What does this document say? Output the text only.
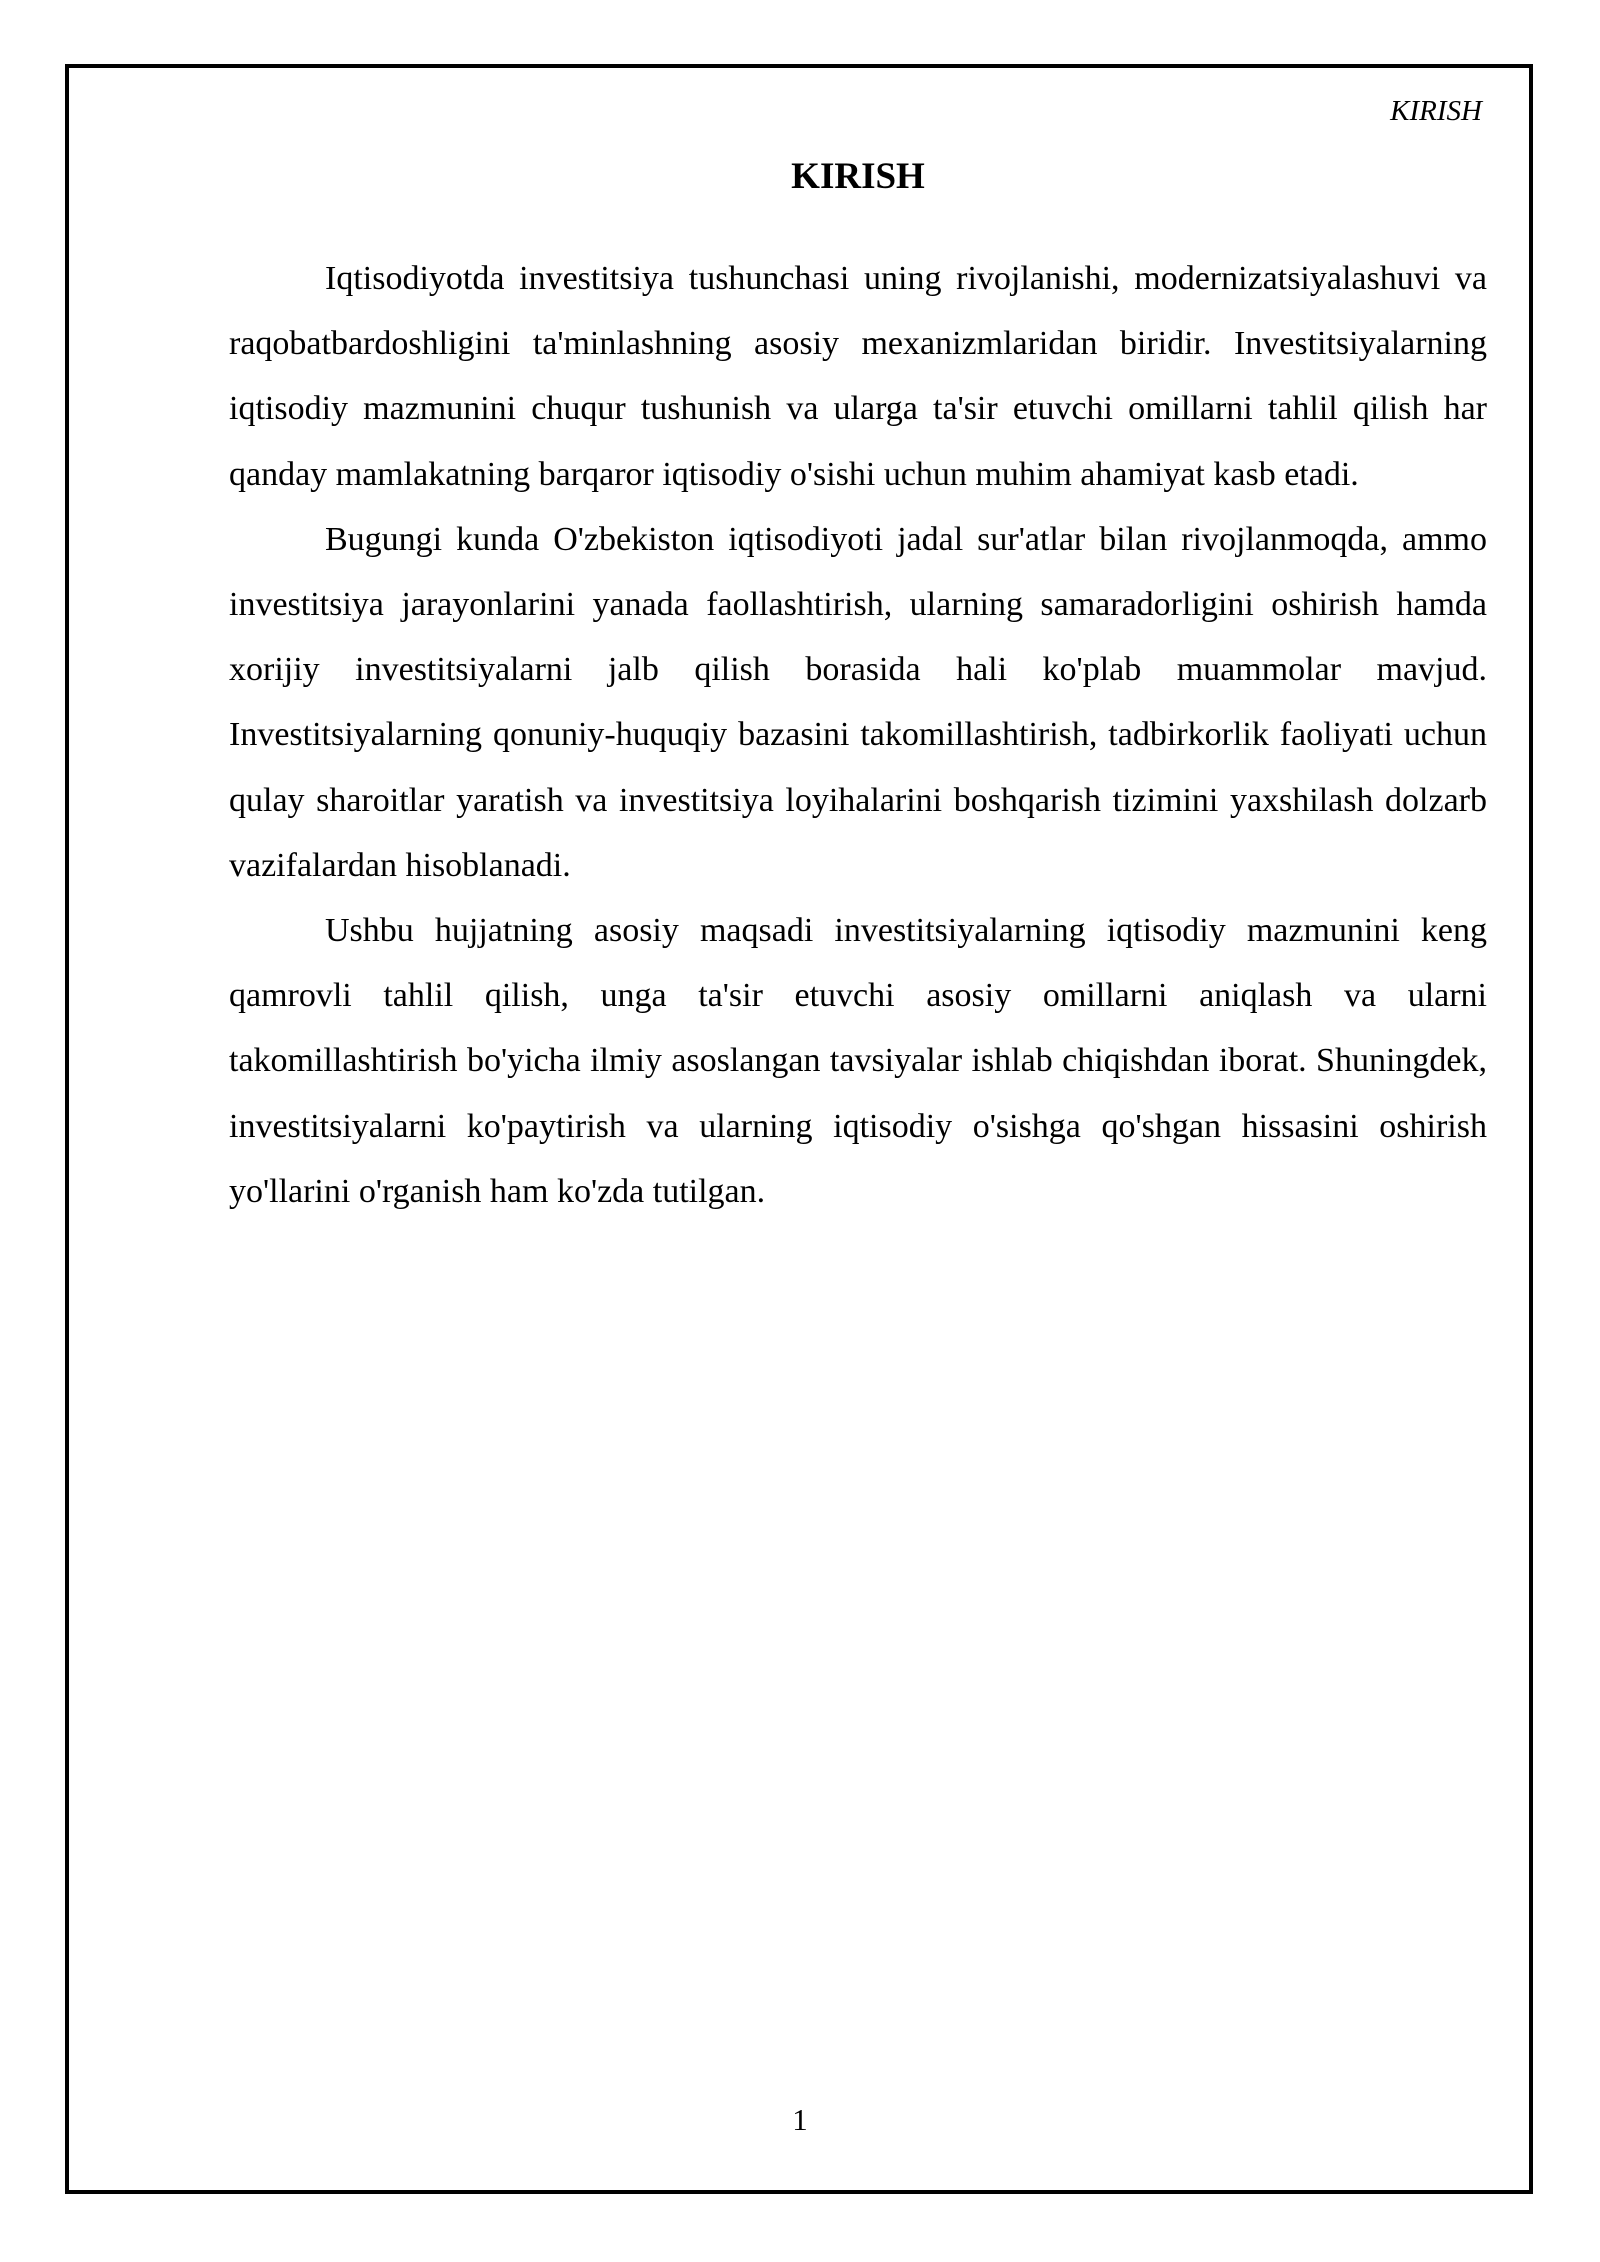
KIRISH
KIRISH

Iqtisodiyotda investitsiya tushunchasi uning rivojlanishi, modernizatsiyalashuvi va raqobatbardoshligini ta'minlashning asosiy mexanizmlaridan biridir. Investitsiyalarning iqtisodiy mazmunini chuqur tushunish va ularga ta'sir etuvchi omillarni tahlil qilish har qanday mamlakatning barqaror iqtisodiy o'sishi uchun muhim ahamiyat kasb etadi.

Bugungi kunda O'zbekiston iqtisodiyoti jadal sur'atlar bilan rivojlanmoqda, ammo investitsiya jarayonlarini yanada faollashtirish, ularning samaradorligini oshirish hamda xorijiy investitsiyalarni jalb qilish borasida hali ko'plab muammolar mavjud. Investitsiyalarning qonuniy-huquqiy bazasini takomillashtirish, tadbirkorlik faoliyati uchun qulay sharoitlar yaratish va investitsiya loyihalarini boshqarish tizimini yaxshilash dolzarb vazifalardan hisoblanadi.

Ushbu hujjatning asosiy maqsadi investitsiyalarning iqtisodiy mazmunini keng qamrovli tahlil qilish, unga ta'sir etuvchi asosiy omillarni aniqlash va ularni takomillashtirish bo'yicha ilmiy asoslangan tavsiyalar ishlab chiqishdan iborat. Shuningdek, investitsiyalarni ko'paytirish va ularning iqtisodiy o'sishga qo'shgan hissasini oshirish yo'llarini o'rganish ham ko'zda tutilgan.

1
